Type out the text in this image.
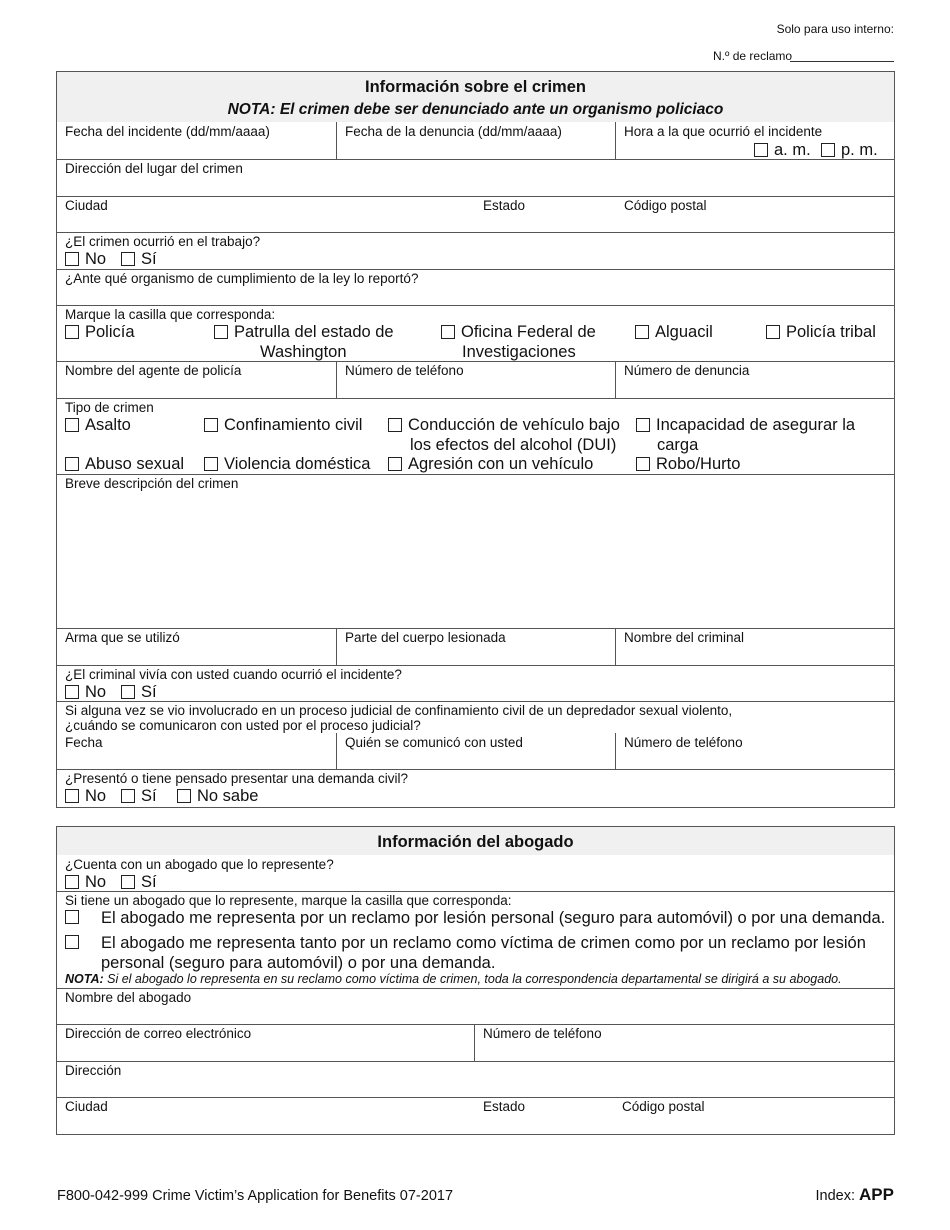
Solo para uso interno:
N.º de reclamo
Información sobre el crimen
NOTA: El crimen debe ser denunciado ante un organismo policiaco
Fecha del incidente (dd/mm/aaaa)	Fecha de la denuncia (dd/mm/aaaa)	Hora a la que ocurrió el incidente
a. m.	p. m.
Dirección del lugar del crimen
Ciudad	Estado	Código postal
¿El crimen ocurrió en el trabajo?
No	Sí
¿Ante qué organismo de cumplimiento de la ley lo reportó?
Marque la casilla que corresponda:
Policía	Patrulla del estado de
Washington
Oficina Federal de
Investigaciones
Alguacil	Policía tribal
Nombre del agente de policía	Número de teléfono	Número de denuncia
Tipo de crimen
Asalto	Confinamiento civil	Conducción de vehículo bajo
los efectos del alcohol (DUI)
Incapacidad de asegurar la
carga
Abuso sexual	Violencia doméstica	Agresión con un vehículo	Robo/Hurto
Breve descripción del crimen
Arma que se utilizó	Parte del cuerpo lesionada	Nombre del criminal
¿El criminal vivía con usted cuando ocurrió el incidente?
No	Sí
Si alguna vez se vio involucrado en un proceso judicial de confinamiento civil de un depredador sexual violento,
¿cuándo se comunicaron con usted por el proceso judicial?
Fecha	Quién se comunicó con usted	Número de teléfono
¿Presentó o tiene pensado presentar una demanda civil?
No	Sí	No sabe
Información del abogado
¿Cuenta con un abogado que lo represente?
No	Sí
Si tiene un abogado que lo represente, marque la casilla que corresponda:
El abogado me representa por un reclamo por lesión personal (seguro para automóvil) o por una demanda.
El abogado me representa tanto por un reclamo como víctima de crimen como por un reclamo por lesión
personal (seguro para automóvil) o por una demanda.
NOTA: Si el abogado lo representa en su reclamo como víctima de crimen, toda la correspondencia departamental se dirigirá a su abogado.
Nombre del abogado
Dirección de correo electrónico	Número de teléfono
Dirección
Ciudad	Estado	Código postal
F800-042-999 Crime Victim’s Application for Benefits 07-2017	Index: APP
